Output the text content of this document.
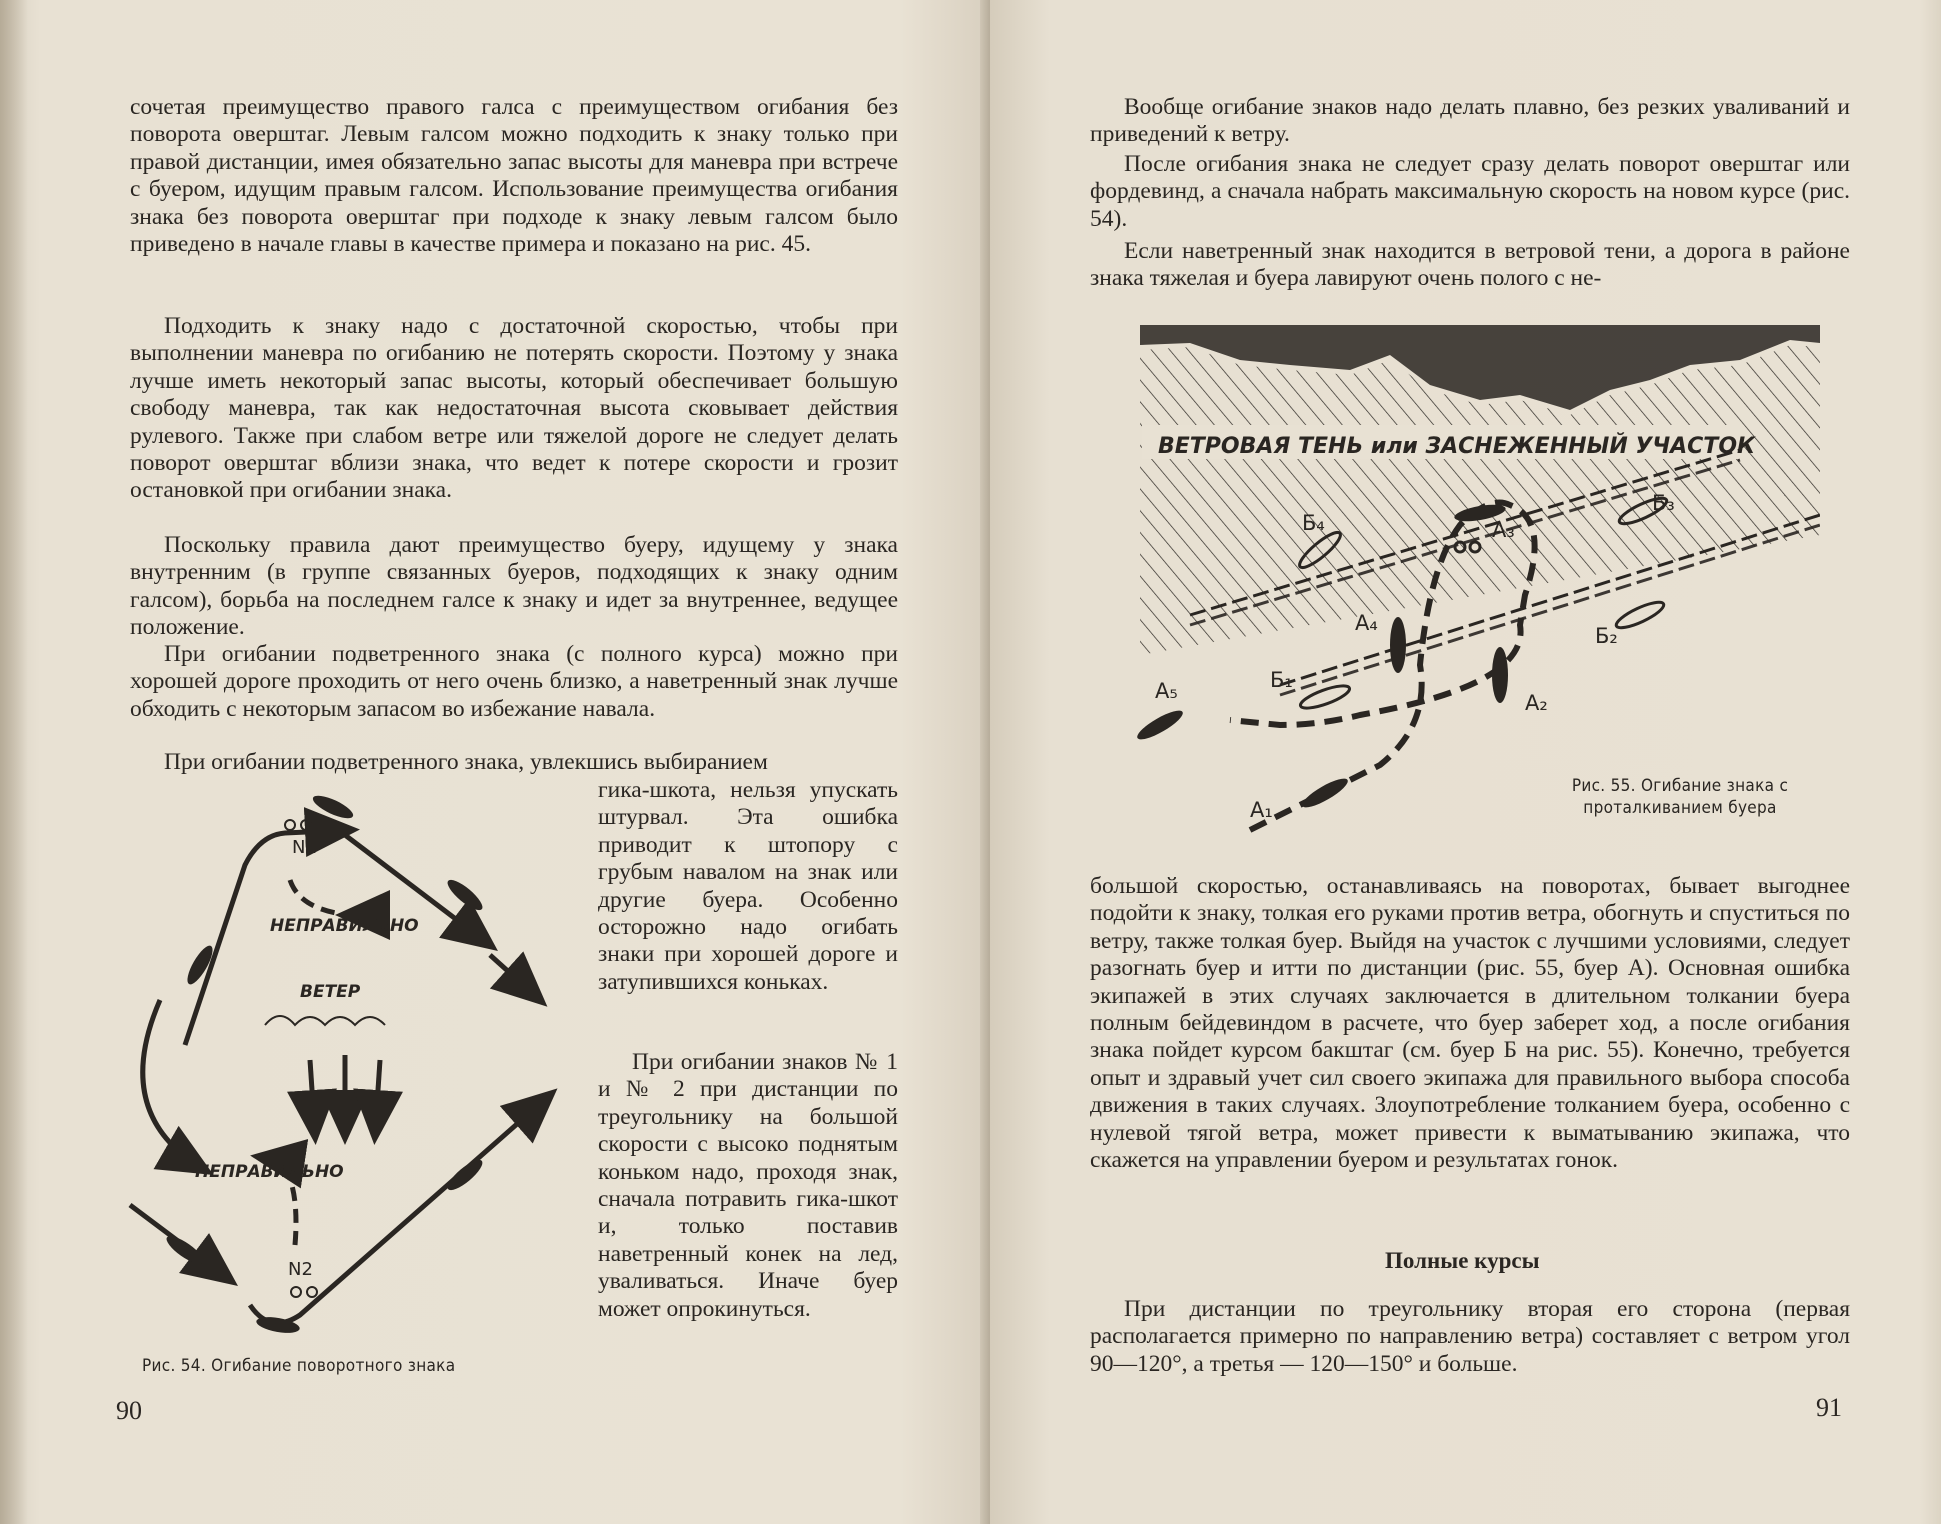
сочетая преимущество правого галса с преимуществом огибания без поворота оверштаг. Левым галсом можно подходить к знаку только при правой дистанции, имея обязательно запас высоты для маневра при встрече с буером, идущим правым галсом. Использование преимущества огибания знака без поворота оверштаг при подходе к знаку левым галсом было приведено в начале главы в качестве примера и показано на рис. 45.

Подходить к знаку надо с достаточной скоростью, чтобы при выполнении маневра по огибанию не потерять скорости. Поэтому у знака лучше иметь некоторый запас высоты, который обеспечивает большую свободу маневра, так как недостаточная высота сковывает действия рулевого. Также при слабом ветре или тяжелой дороге не следует делать поворот оверштаг вблизи знака, что ведет к потере скорости и грозит остановкой при огибании знака.

Поскольку правила дают преимущество буеру, идущему у знака внутренним (в группе связанных буеров, подходящих к знаку одним галсом), борьба на последнем галсе к знаку и идет за внутреннее, ведущее положение.

При огибании подветренного знака (с полного курса) можно при хорошей дороге проходить от него очень близко, а наветренный знак лучше обходить с некоторым запасом во избежание навала.

При огибании подветренного знака, увлекшись выбиранием

гика-шкота, нельзя упускать штурвал. Эта ошибка приводит к штопору с грубым навалом на знак или другие буера. Особенно осторожно надо огибать знаки при хорошей дороге и затупившихся коньках.

При огибании знаков № 1 и № 2 при дистанции по треугольнику на большой скорости с высоко поднятым коньком надо, проходя знак, сначала потравить гика-шкот и, только поставив наветренный конек на лед, уваливаться. Иначе буер может опрокинуться.

N1
НЕПРАВИЛЬНО
ВЕТЕР
НЕПРАВИЛЬНО
N2

Рис. 54. Огибание поворотного знака

90

Вообще огибание знаков надо делать плавно, без резких уваливаний и приведений к ветру.

После огибания знака не следует сразу делать поворот оверштаг или фордевинд, а сначала набрать максимальную скорость на новом курсе (рис. 54).

Если наветренный знак находится в ветровой тени, а дорога в районе знака тяжелая и буера лавируют очень полого с не-

ВЕТРОВАЯ ТЕНЬ или ЗАСНЕЖЕННЫЙ УЧАСТОК
А₁
А₂
А₃
А₄
А₅	Б₁
Б₂
Б₃
Б₄

Рис. 55. Огибание знака с проталкиванием буера

большой скоростью, останавливаясь на поворотах, бывает выгоднее подойти к знаку, толкая его руками против ветра, обогнуть и спуститься по ветру, также толкая буер. Выйдя на участок с лучшими условиями, следует разогнать буер и итти по дистанции (рис. 55, буер А). Основная ошибка экипажей в этих случаях заключается в длительном толкании буера полным бейдевиндом в расчете, что буер заберет ход, а после огибания знака пойдет курсом бакштаг (см. буер Б на рис. 55). Конечно, требуется опыт и здравый учет сил своего экипажа для правильного выбора способа движения в таких случаях. Злоупотребление толканием буера, особенно с нулевой тягой ветра, может привести к выматыванию экипажа, что скажется на управлении буером и результатах гонок.

Полные курсы

При дистанции по треугольнику вторая его сторона (первая располагается примерно по направлению ветра) составляет с ветром угол 90—120°, а третья — 120—150° и больше.

91
